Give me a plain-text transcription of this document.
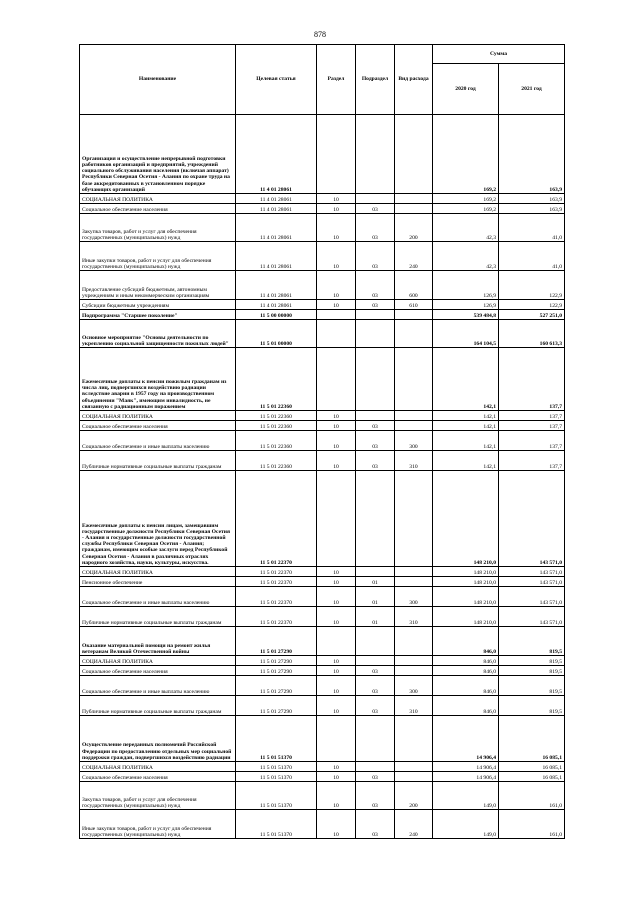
878
Наименование	Целевая статья	Раздел	Подраздел	Вид расхода	Сумма	
					2020 год	2021 год
Организация и осуществление непрерывной подготовки работников организаций и предприятий, учреждений социального обслуживания населения (включая аппарат) Республики Северная Осетия - Алания по охране труда на базе аккредитованных в установленном порядке обучающих организаций	11 4 01 28061				169,2	163,9
СОЦИАЛЬНАЯ ПОЛИТИКА	11 4 01 28061	10			169,2	163,9
Социальное обеспечение населения	11 4 01 28061	10	03		169,2	163,9
Закупка товаров, работ и услуг для обеспечения государственных (муниципальных) нужд	11 4 01 28061	10	03	200	42,3	41,0
Иные закупки товаров, работ и услуг для обеспечения государственных (муниципальных) нужд	11 4 01 28061	10	03	240	42,3	41,0
Предоставление субсидий бюджетным, автономным учреждениям и иным некоммерческим организациям	11 4 01 28061	10	03	600	126,9	122,9
Субсидии бюджетным учреждениям	11 4 01 28061	10	03	610	126,9	122,9
Подпрограмма "Старшее поколение"	11 5 00 00000				539 484,8	527 251,0
Основное мероприятие "Основы деятельности по укреплению социальной защищенности пожилых людей"	11 5 01 00000				164 104,5	160 613,3
Ежемесячные доплаты к пенсии пожилым гражданам из числа лиц, подвергшихся воздействию радиации вследствие аварии в 1957 году на производственном объединении "Маяк", имеющим инвалидность, не связанную с радиационным поражением	11 5 01 22360				142,1	137,7
СОЦИАЛЬНАЯ ПОЛИТИКА	11 5 01 22360	10			142,1	137,7
Социальное обеспечение населения	11 5 01 22360	10	03		142,1	137,7
Социальное обеспечение и иные выплаты населению	11 5 01 22360	10	03	300	142,1	137,7
Публичные нормативные социальные выплаты гражданам	11 5 01 22360	10	03	310	142,1	137,7
Ежемесячные доплаты к пенсии лицам, замещавшим государственные должности Республики Северная Осетия - Алания и государственные должности государственной службы Республики Северная Осетия - Алания; гражданам, имеющим особые заслуги перед Республикой Северная Осетия - Алания в различных отраслях народного хозяйства, науки, культуры, искусства.	11 5 01 22370				148 210,0	143 571,0
СОЦИАЛЬНАЯ ПОЛИТИКА	11 5 01 22370	10			148 210,0	143 571,0
Пенсионное обеспечение	11 5 01 22370	10	01		148 210,0	143 571,0
Социальное обеспечение и иные выплаты населению	11 5 01 22370	10	01	300	148 210,0	143 571,0
Публичные нормативные социальные выплаты гражданам	11 5 01 22370	10	01	310	148 210,0	143 571,0
Оказание материальной помощи на ремонт жилья ветеранам Великой Отечественной войны	11 5 01 27290				846,0	819,5
СОЦИАЛЬНАЯ ПОЛИТИКА	11 5 01 27290	10			846,0	819,5
Социальное обеспечение населения	11 5 01 27290	10	03		846,0	819,5
Социальное обеспечение и иные выплаты населению	11 5 01 27290	10	03	300	846,0	819,5
Публичные нормативные социальные выплаты гражданам	11 5 01 27290	10	03	310	846,0	819,5
Осуществление переданных полномочий Российской Федерации по предоставлению отдельных мер социальной поддержки граждан, подвергшихся воздействию радиации	11 5 01 51370				14 906,4	16 085,1
СОЦИАЛЬНАЯ ПОЛИТИКА	11 5 01 51370	10			14 906,4	16 085,1
Социальное обеспечение населения	11 5 01 51370	10	03		14 906,4	16 085,1
Закупка товаров, работ и услуг для обеспечения государственных (муниципальных) нужд	11 5 01 51370	10	03	200	149,0	161,0
Иные закупки товаров, работ и услуг для обеспечения государственных (муниципальных) нужд	11 5 01 51370	10	03	240	149,0	161,0
